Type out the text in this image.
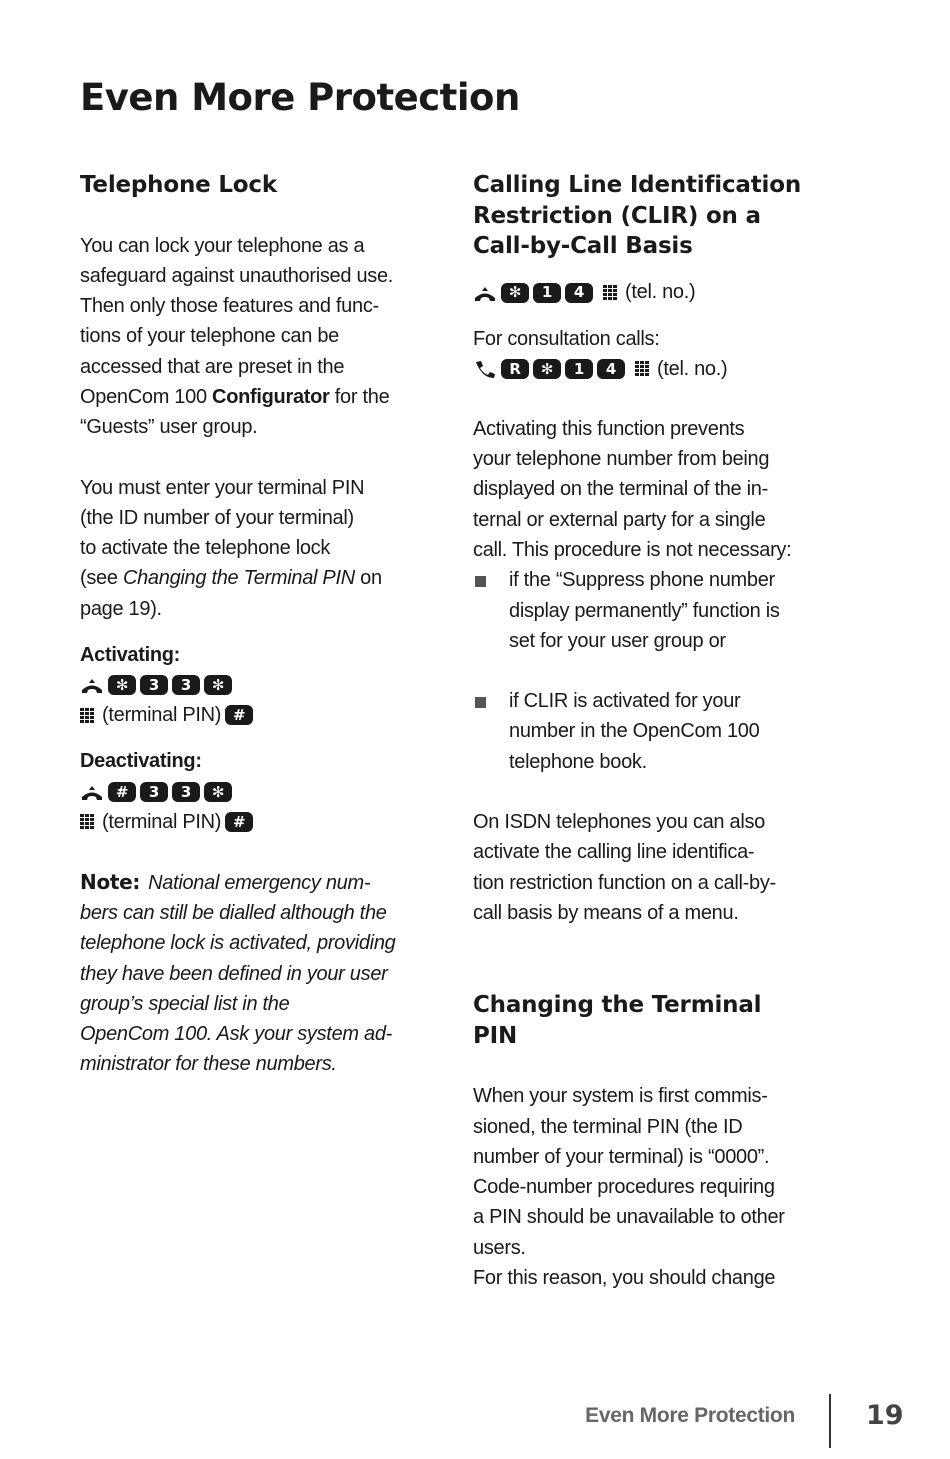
Even More Protection
Telephone Lock

You can lock your telephone as a
safeguard against unauthorised use.
Then only those features and func-
tions of your telephone can be
accessed that are preset in the
OpenCom 100 Configurator for the
“Guests” user group.

You must enter your terminal PIN
(the ID number of your terminal)
to activate the telephone lock
(see Changing the Terminal PIN on
page 19).

Activating:
✻	3	3	✻
(terminal PIN) #
Deactivating:
#	3	3	✻
(terminal PIN) #

Note: National emergency num-
bers can still be dialled although the
telephone lock is activated, providing
they have been defined in your user
group’s special list in the
OpenCom 100. Ask your system ad-
ministrator for these numbers.

Calling Line Identification
Restriction (CLIR) on a
Call-by-Call Basis
✻	1	4	(tel. no.)

For consultation calls:

R	✻	1	4	(tel. no.)

Activating this function prevents
your telephone number from being
displayed on the terminal of the in-
ternal or external party for a single
call. This procedure is not necessary:

if the “Suppress phone number
display permanently” function is
set for your user group or
if CLIR is activated for your
number in the OpenCom 100
telephone book.

On ISDN telephones you can also
activate the calling line identifica-
tion restriction function on a call-by-
call basis by means of a menu.

Changing the Terminal
PIN

When your system is first commis-
sioned, the terminal PIN (the ID
number of your terminal) is “0000”.
Code-number procedures requiring
a PIN should be unavailable to other
users.
For this reason, you should change

Even More Protection	19
